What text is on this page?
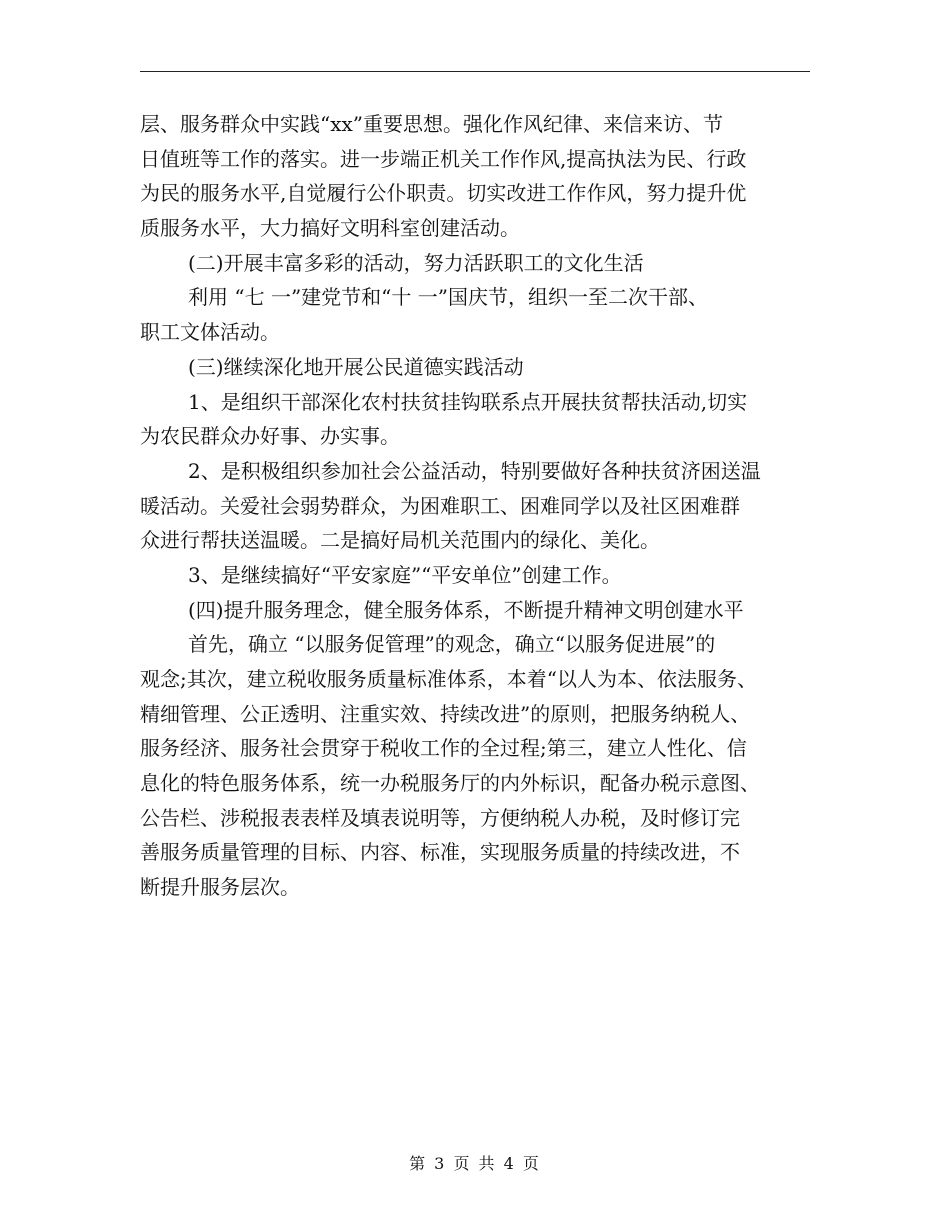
层、服务群众中实践“xx”重要思想。强化作风纪律、来信来访、节
日值班等工作的落实。进一步端正机关工作作风,提高执法为民、行政
为民的服务水平,自觉履行公仆职责。切实改进工作作风，努力提升优
质服务水平，大力搞好文明科室创建活动。
(二)开展丰富多彩的活动，努力活跃职工的文化生活
利用 “七 一”建党节和“十 一”国庆节，组织一至二次干部、
职工文体活动。
(三)继续深化地开展公民道德实践活动
1、是组织干部深化农村扶贫挂钩联系点开展扶贫帮扶活动,切实
为农民群众办好事、办实事。
2、是积极组织参加社会公益活动，特别要做好各种扶贫济困送温
暖活动。关爱社会弱势群众，为困难职工、困难同学以及社区困难群
众进行帮扶送温暖。二是搞好局机关范围内的绿化、美化。
3、是继续搞好“平安家庭”“平安单位”创建工作。
(四)提升服务理念，健全服务体系，不断提升精神文明创建水平
首先，确立 “以服务促管理”的观念，确立“以服务促进展”的
观念;其次，建立税收服务质量标准体系，本着“以人为本、依法服务、
精细管理、公正透明、注重实效、持续改进”的原则，把服务纳税人、
服务经济、服务社会贯穿于税收工作的全过程;第三，建立人性化、信
息化的特色服务体系，统一办税服务厅的内外标识，配备办税示意图、
公告栏、涉税报表表样及填表说明等，方便纳税人办税，及时修订完
善服务质量管理的目标、内容、标准，实现服务质量的持续改进，不
断提升服务层次。
第 3 页 共 4 页
